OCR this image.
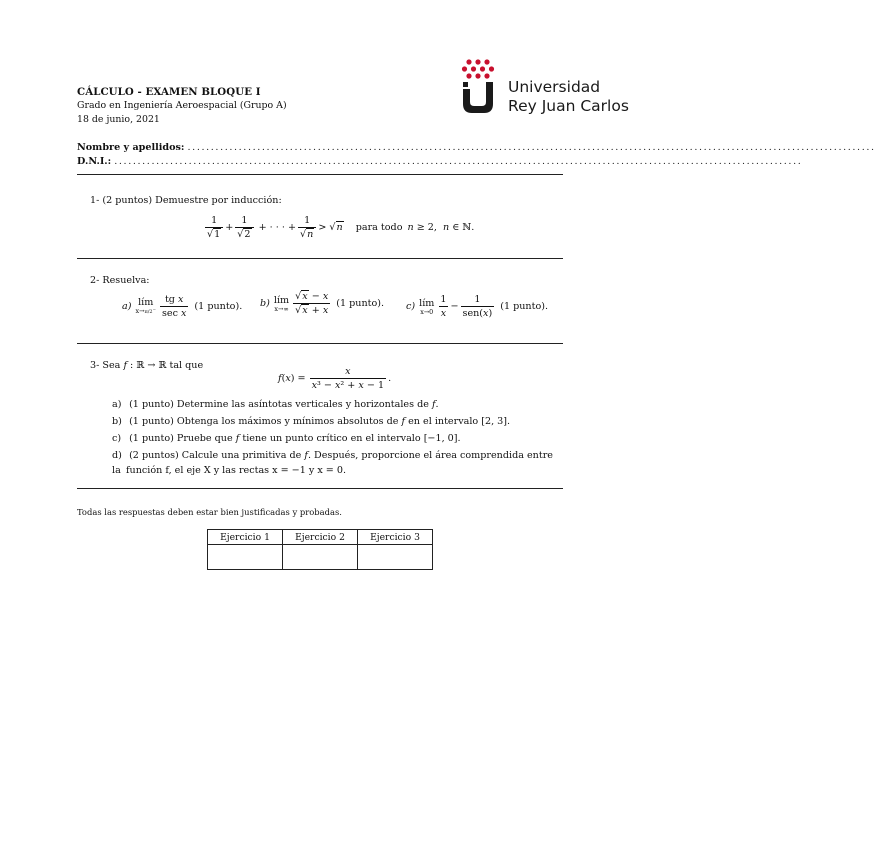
CÁLCULO - EXAMEN BLOQUE I
Grado en Ingeniería Aeroespacial (Grupo A)
18 de junio, 2021
Universidad
Rey Juan Carlos
Nombre y apellidos: ....................................................................................................................................................
D.N.I.: ....................................................................................................................................................
1- (2 puntos) Demuestre por inducción:
$\frac{1}{√1} + \frac{1}{√2}$ + · · · + $\frac{1}{√n} > √n$ para todo n ≥ 2,  n ∈ ℕ.
2- Resuelva:
a) lím
$x\to\pi/2^- \frac{\text{tg x}}{\text{sec x}} (1$ punto). b) lím
$x\to\infty \frac{√x - x}{√x + x} (1$ punto). c) lím
$x\to 0 \frac{1}{x} - \frac{1}{\text{sen(x)}} (1$ punto).
3- Sea f : ℝ → ℝ tal que
f ( x ) = $\frac{x}{\text{x³ − x² + x − 1}}$ .
a) (1 punto) Determine las asíntotas verticales y horizontales de f.
b) (1 punto) Obtenga los máximos y mínimos absolutos de f en el intervalo [2, 3].
c) (1 punto) Pruebe que f tiene un punto crítico en el intervalo [−1, 0].
d) (2 puntos) Calcule una primitiva de f. Después, proporcione el área comprendida entre la función f, el eje X y las rectas x = −1 y x = 0.
Todas las respuestas deben estar bien justificadas y probadas.
Ejercicio 1	Ejercicio 2	Ejercicio 3
